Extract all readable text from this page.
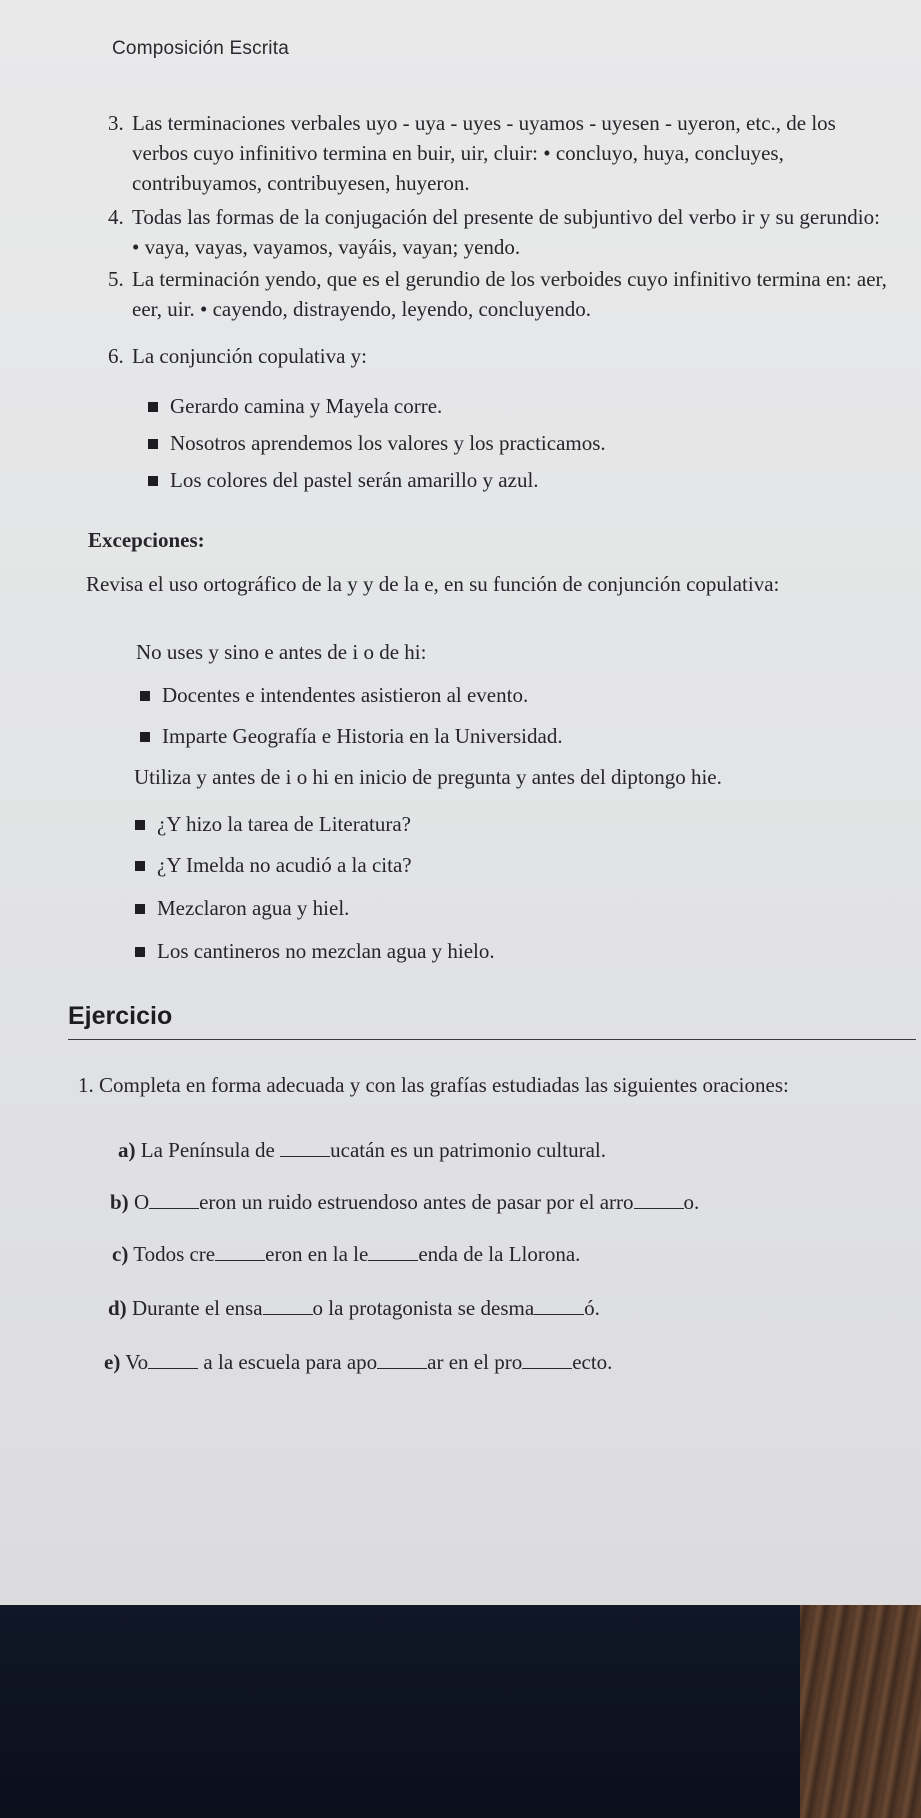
Composición Escrita
3. Las terminaciones verbales uyo - uya - uyes - uyamos - uyesen - uyeron, etc., de los verbos cuyo infinitivo termina en buir, uir, cluir: • concluyo, huya, concluyes, contribuyamos, contribuyesen, huyeron.
4. Todas las formas de la conjugación del presente de subjuntivo del verbo ir y su gerundio: • vaya, vayas, vayamos, vayáis, vayan; yendo.
5. La terminación yendo, que es el gerundio de los verboides cuyo infinitivo termina en: aer, eer, uir. • cayendo, distrayendo, leyendo, concluyendo.
6. La conjunción copulativa y:
Gerardo camina y Mayela corre.
Nosotros aprendemos los valores y los practicamos.
Los colores del pastel serán amarillo y azul.
Excepciones:
Revisa el uso ortográfico de la y y de la e, en su función de conjunción copulativa:
No uses y sino e antes de i o de hi:
Docentes e intendentes asistieron al evento.
Imparte Geografía e Historia en la Universidad.
Utiliza y antes de i o hi en inicio de pregunta y antes del diptongo hie.
¿Y hizo la tarea de Literatura?
¿Y Imelda no acudió a la cita?
Mezclaron agua y hiel.
Los cantineros no mezclan agua y hielo.
Ejercicio
1. Completa en forma adecuada y con las grafías estudiadas las siguientes oraciones:
a) La Península de ucatán es un patrimonio cultural.
b) O eron un ruido estruendoso antes de pasar por el arro o.
c) Todos cre eron en la le enda de la Llorona.
d) Durante el ensa o la protagonista se desma ó.
e) Vo a la escuela para apo ar en el pro ecto.
